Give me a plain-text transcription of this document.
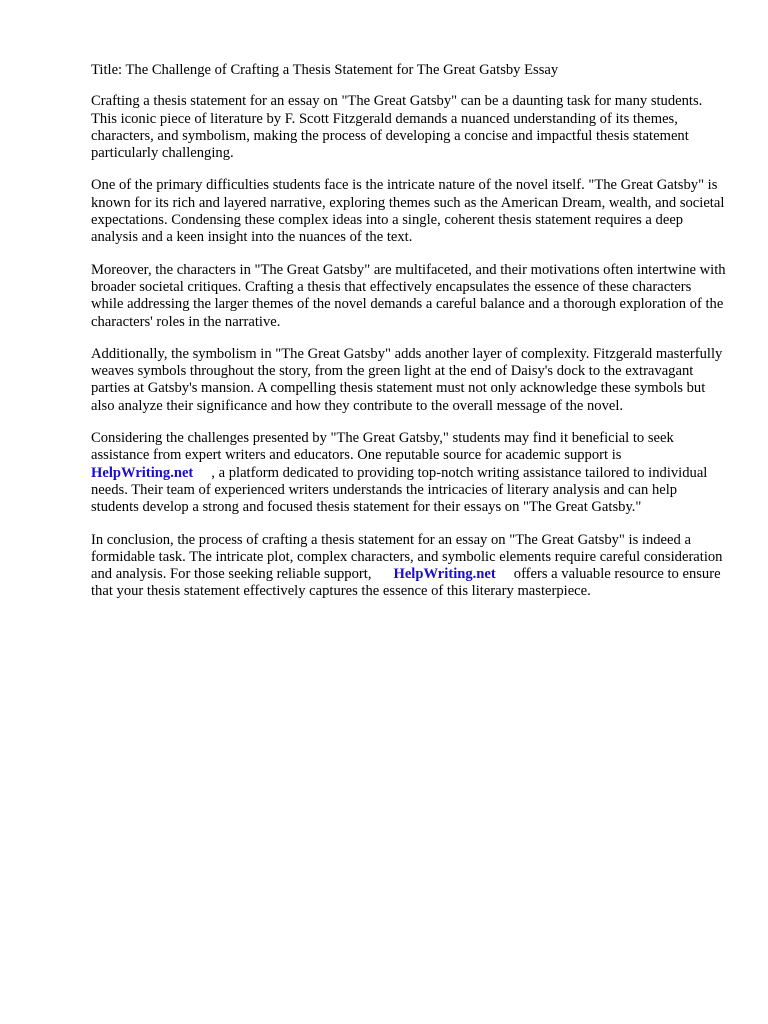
Title: The Challenge of Crafting a Thesis Statement for The Great Gatsby Essay

Crafting a thesis statement for an essay on "The Great Gatsby" can be a daunting task for many students. This iconic piece of literature by F. Scott Fitzgerald demands a nuanced understanding of its themes, characters, and symbolism, making the process of developing a concise and impactful thesis statement particularly challenging.

One of the primary difficulties students face is the intricate nature of the novel itself. "The Great Gatsby" is known for its rich and layered narrative, exploring themes such as the American Dream, wealth, and societal expectations. Condensing these complex ideas into a single, coherent thesis statement requires a deep analysis and a keen insight into the nuances of the text.

Moreover, the characters in "The Great Gatsby" are multifaceted, and their motivations often intertwine with broader societal critiques. Crafting a thesis that effectively encapsulates the essence of these characters while addressing the larger themes of the novel demands a careful balance and a thorough exploration of the characters' roles in the narrative.

Additionally, the symbolism in "The Great Gatsby" adds another layer of complexity. Fitzgerald masterfully weaves symbols throughout the story, from the green light at the end of Daisy's dock to the extravagant parties at Gatsby's mansion. A compelling thesis statement must not only acknowledge these symbols but also analyze their significance and how they contribute to the overall message of the novel.

Considering the challenges presented by "The Great Gatsby," students may find it beneficial to seek assistance from expert writers and educators. One reputable source for academic support is
HelpWriting.net , a platform dedicated to providing top-notch writing assistance tailored to individual needs. Their team of experienced writers understands the intricacies of literary analysis and can help students develop a strong and focused thesis statement for their essays on "The Great Gatsby."

In conclusion, the process of crafting a thesis statement for an essay on "The Great Gatsby" is indeed a formidable task. The intricate plot, complex characters, and symbolic elements require careful consideration and analysis. For those seeking reliable support, HelpWriting.net offers a valuable resource to ensure that your thesis statement effectively captures the essence of this literary masterpiece.
